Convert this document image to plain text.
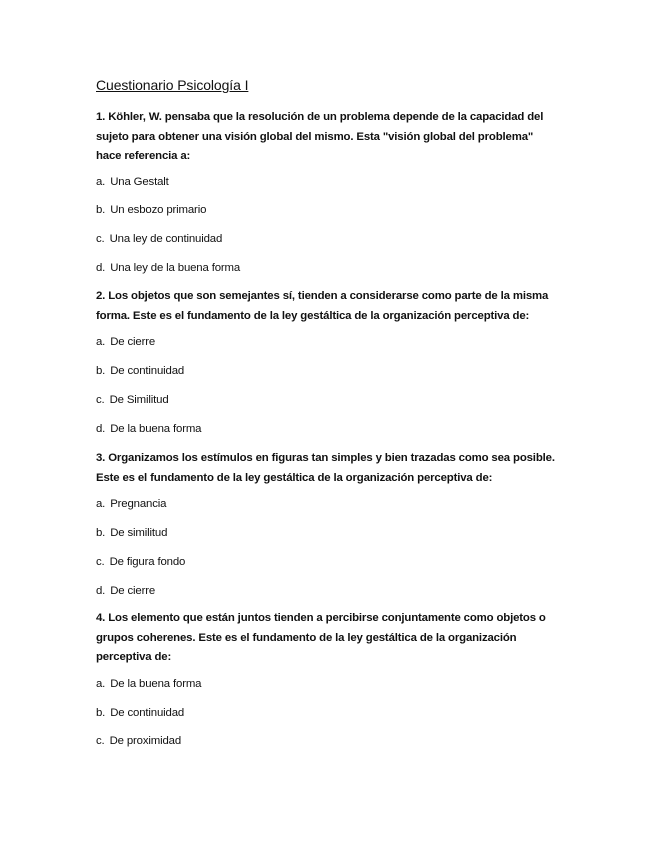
Cuestionario Psicología I
1. Köhler, W. pensaba que la resolución de un problema depende de la capacidad del
sujeto para obtener una visión global del mismo. Esta "visión global del problema"
hace referencia a:
a. Una Gestalt
b. Un esbozo primario
c. Una ley de continuidad
d. Una ley de la buena forma
2. Los objetos que son semejantes sí, tienden a considerarse como parte de la misma
forma. Este es el fundamento de la ley gestáltica de la organización perceptiva de:
a. De cierre
b. De continuidad
c. De Similitud
d. De la buena forma
3. Organizamos los estímulos en figuras tan simples y bien trazadas como sea posible.
Este es el fundamento de la ley gestáltica de la organización perceptiva de:
a. Pregnancia
b. De similitud
c. De figura fondo
d. De cierre
4. Los elemento que están juntos tienden a percibirse conjuntamente como objetos o
grupos coherenes. Este es el fundamento de la ley gestáltica de la organización
perceptiva de:
a. De la buena forma
b. De continuidad
c. De proximidad
